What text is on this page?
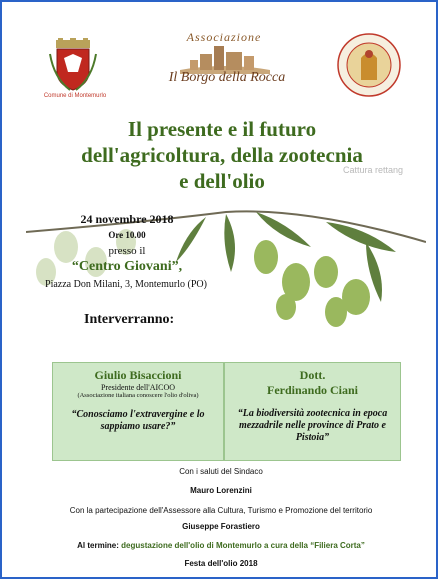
Comune di Montemurlo
Associazione
Il Borgo della Rocca
Il presente e il futuro
dell'agricoltura, della zootecnia
e dell'olio	Cattura rettang
24 novembre 2018
Ore 10.00
presso il
“Centro Giovani”,
Piazza Don Milani, 3, Montemurlo (PO)
Interverranno:
Giulio Bisaccioni
Presidente dell'AICOO
(Associazione italiana conoscere l'olio d'oliva)
“Conosciamo l'extravergine e lo sappiamo usare?”
Dott.
Ferdinando Ciani
“La biodiversità zootecnica in epoca mezzadrile nelle province di Prato e Pistoia”
Con i saluti del Sindaco
Mauro Lorenzini
Con la partecipazione dell'Assessore alla Cultura, Turismo e Promozione del territorio
Giuseppe Forastiero
Al termine: degustazione dell'olio di Montemurlo a cura della “Filiera Corta”
Festa dell'olio 2018
